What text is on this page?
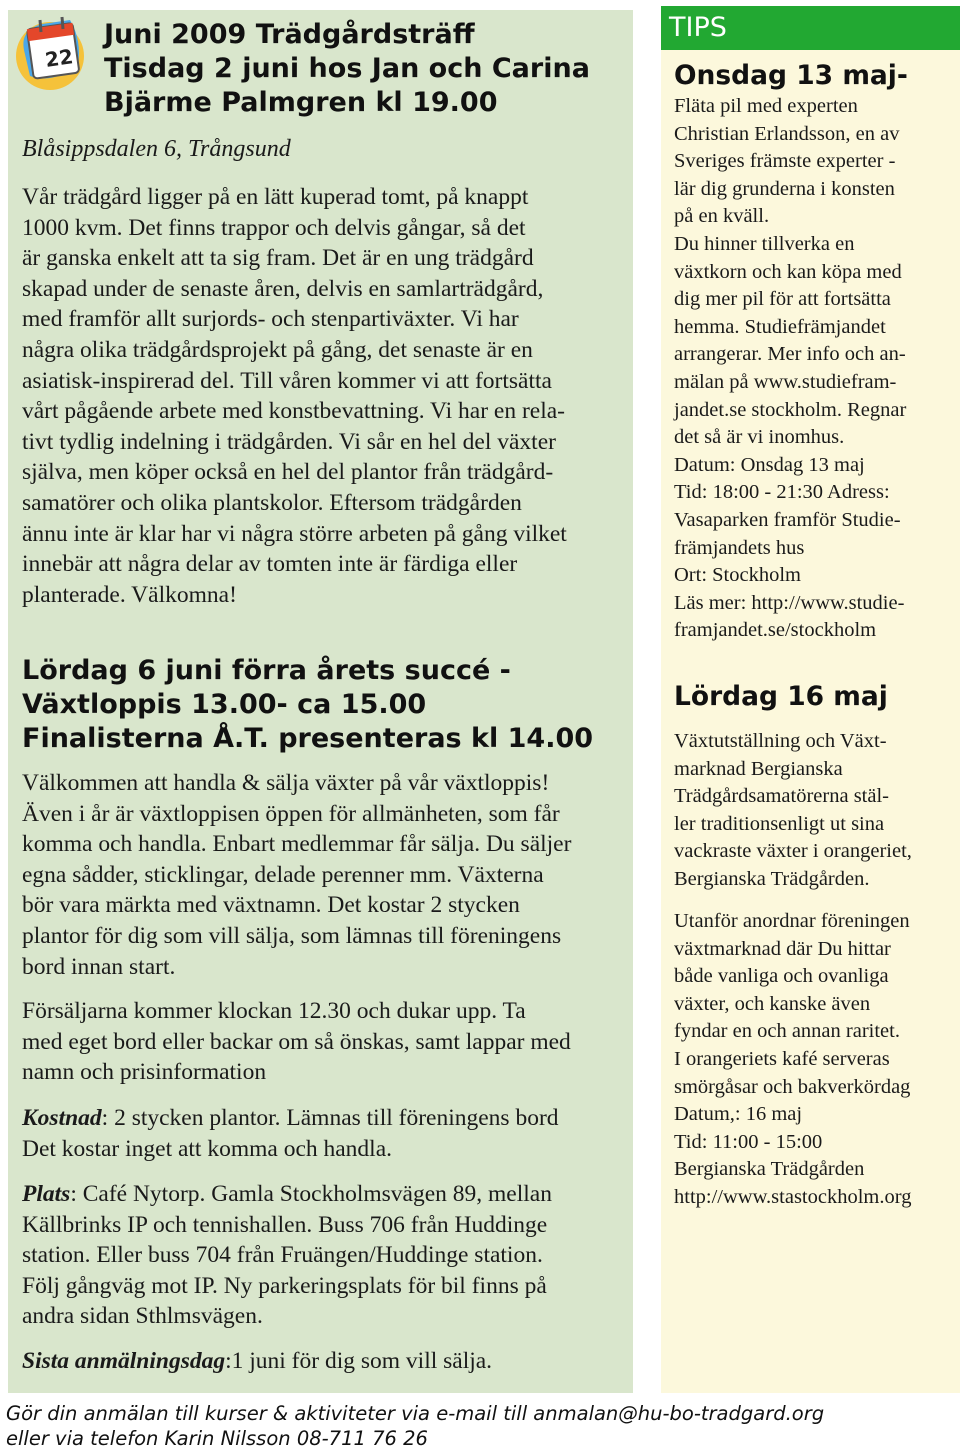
TIPS
22
Juni 2009 Trädgårdsträff
Tisdag 2 juni hos Jan och Carina
Bjärme Palmgren kl 19.00

Blåsippsdalen 6, Trångsund

Vår trädgård ligger på en lätt kuperad tomt, på knappt
1000 kvm. Det finns trappor och delvis gångar, så det
är ganska enkelt att ta sig fram. Det är en ung trädgård
skapad under de senaste åren, delvis en samlarträdgård,
med framför allt surjords- och stenpartiväxter. Vi har
några olika trädgårdsprojekt på gång, det senaste är en
asiatisk-inspirerad del. Till våren kommer vi att fortsätta
vårt pågående arbete med konstbevattning. Vi har en rela-
tivt tydlig indelning i trädgården. Vi sår en hel del växter
själva, men köper också en hel del plantor från trädgård-
samatörer och olika plantskolor. Eftersom trädgården
ännu inte är klar har vi några större arbeten på gång vilket
innebär att några delar av tomten inte är färdiga eller
planterade. Välkomna!

Lördag 6 juni förra årets succé -
Växtloppis 13.00- ca 15.00
Finalisterna Å.T. presenteras kl 14.00

Välkommen att handla & sälja växter på vår växtloppis!
Även i år är växtloppisen öppen för allmänheten, som får
komma och handla. Enbart medlemmar får sälja. Du säljer
egna sådder, sticklingar, delade perenner mm. Växterna
bör vara märkta med växtnamn. Det kostar 2 stycken
plantor för dig som vill sälja, som lämnas till föreningens
bord innan start.

Försäljarna kommer klockan 12.30 och dukar upp. Ta
med eget bord eller backar om så önskas, samt lappar med
namn och prisinformation

Kostnad: 2 stycken plantor. Lämnas till föreningens bord
Det kostar inget att komma och handla.

Plats: Café Nytorp. Gamla Stockholmsvägen 89, mellan
Källbrinks IP och tennishallen. Buss 706 från Huddinge
station. Eller buss 704 från Fruängen/Huddinge station.
Följ gångväg mot IP. Ny parkeringsplats för bil finns på
andra sidan Sthlmsvägen.

Sista anmälningsdag:1 juni för dig som vill sälja.

Onsdag 13 maj-

Fläta pil med experten
Christian Erlandsson, en av
Sveriges främste experter -
lär dig grunderna i konsten
på en kväll.
Du hinner tillverka en
växtkorn och kan köpa med
dig mer pil för att fortsätta
hemma. Studiefrämjandet
arrangerar. Mer info och an-
mälan på www.studiefram-
jandet.se stockholm. Regnar
det så är vi inomhus.
Datum: Onsdag 13 maj
Tid: 18:00 - 21:30 Adress:
Vasaparken framför Studie-
främjandets hus
Ort: Stockholm
Läs mer: http://www.studie-
framjandet.se/stockholm

Lördag 16 maj

Växtutställning och Växt-
marknad Bergianska
Trädgårdsamatörerna stäl-
ler traditionsenligt ut sina
vackraste växter i orangeriet,
Bergianska Trädgården.

Utanför anordnar föreningen
växtmarknad där Du hittar
både vanliga och ovanliga
växter, och kanske även
fyndar en och annan raritet.
I orangeriets kafé serveras
smörgåsar och bakverkördag
Datum,: 16 maj
Tid: 11:00 - 15:00
Bergianska Trädgården
http://www.stastockholm.org

Gör din anmälan till kurser & aktiviteter via e-mail till anmalan@hu-bo-tradgard.org
eller via telefon Karin Nilsson 08-711 76 26
